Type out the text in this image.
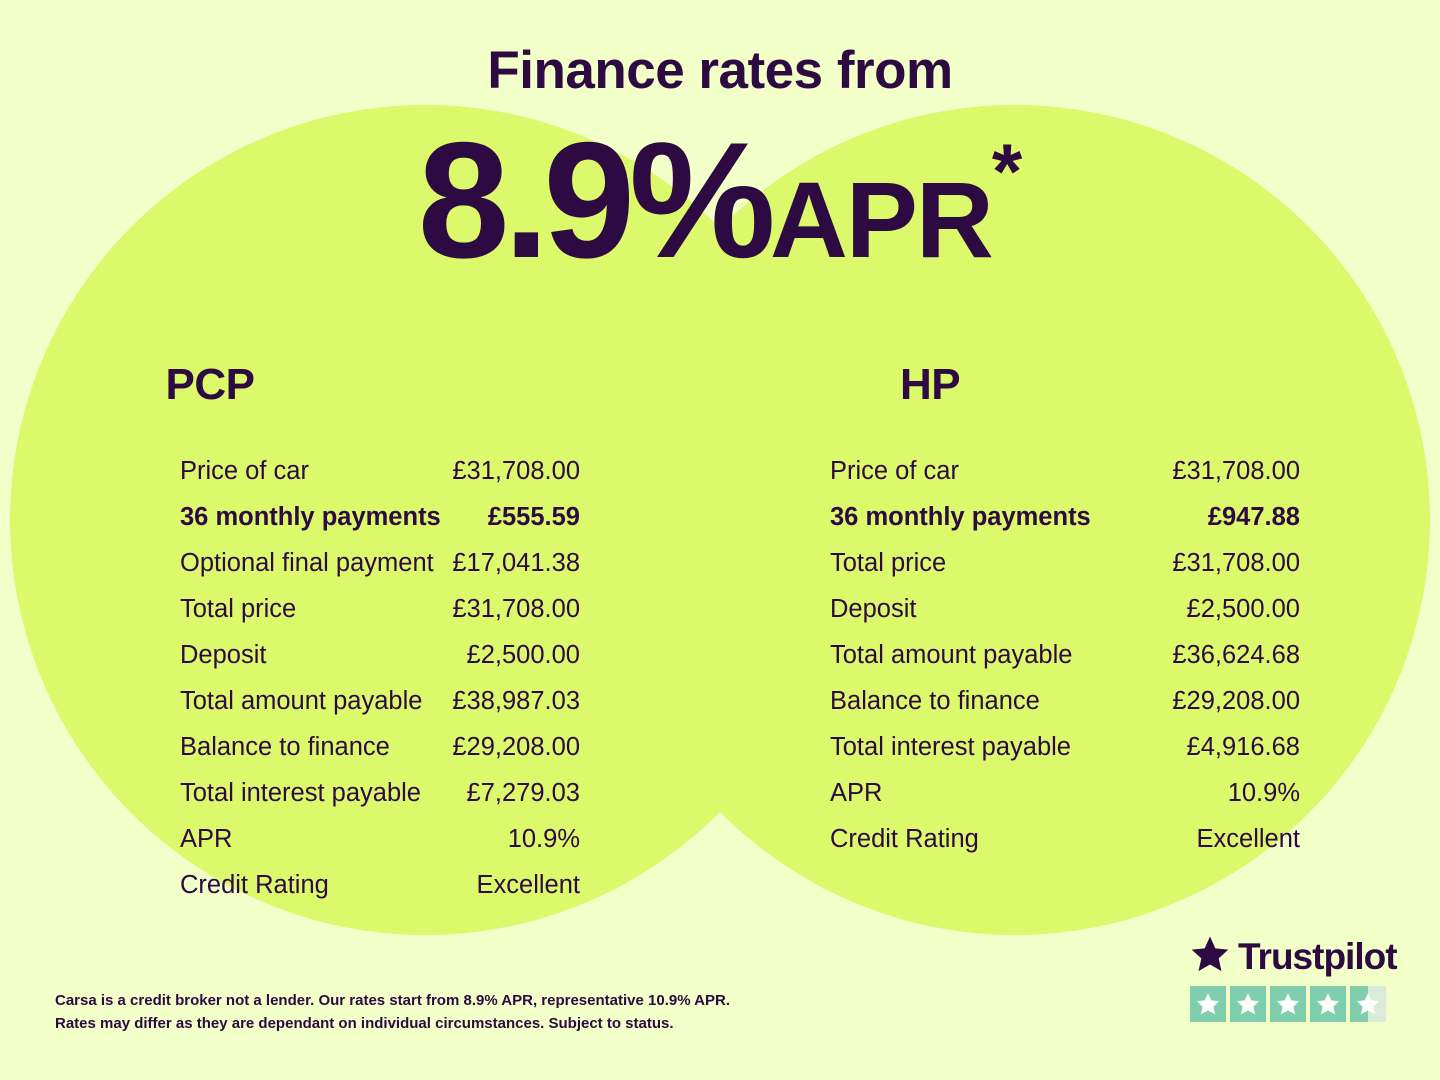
Finance rates from
8.9%APR*
PCP
Price of car	£31,708.00
36 monthly payments £555.59
Optional final payment £17,041.38
Total price	£31,708.00
Deposit	£2,500.00
Total amount payable £38,987.03
Balance to finance £29,208.00
Total interest payable £7,279.03
APR	10.9%
Credit Rating	Excellent
HP
Price of car	£31,708.00
36 monthly payments	£947.88
Total price	£31,708.00
Deposit	£2,500.00
Total amount payable	£36,624.68
Balance to finance	£29,208.00
Total interest payable	£4,916.68
APR	10.9%
Credit Rating	Excellent
Carsa is a credit broker not a lender. Our rates start from 8.9% APR, representative 10.9% APR.
Rates may differ as they are dependant on individual circumstances. Subject to status.
Trustpilot
